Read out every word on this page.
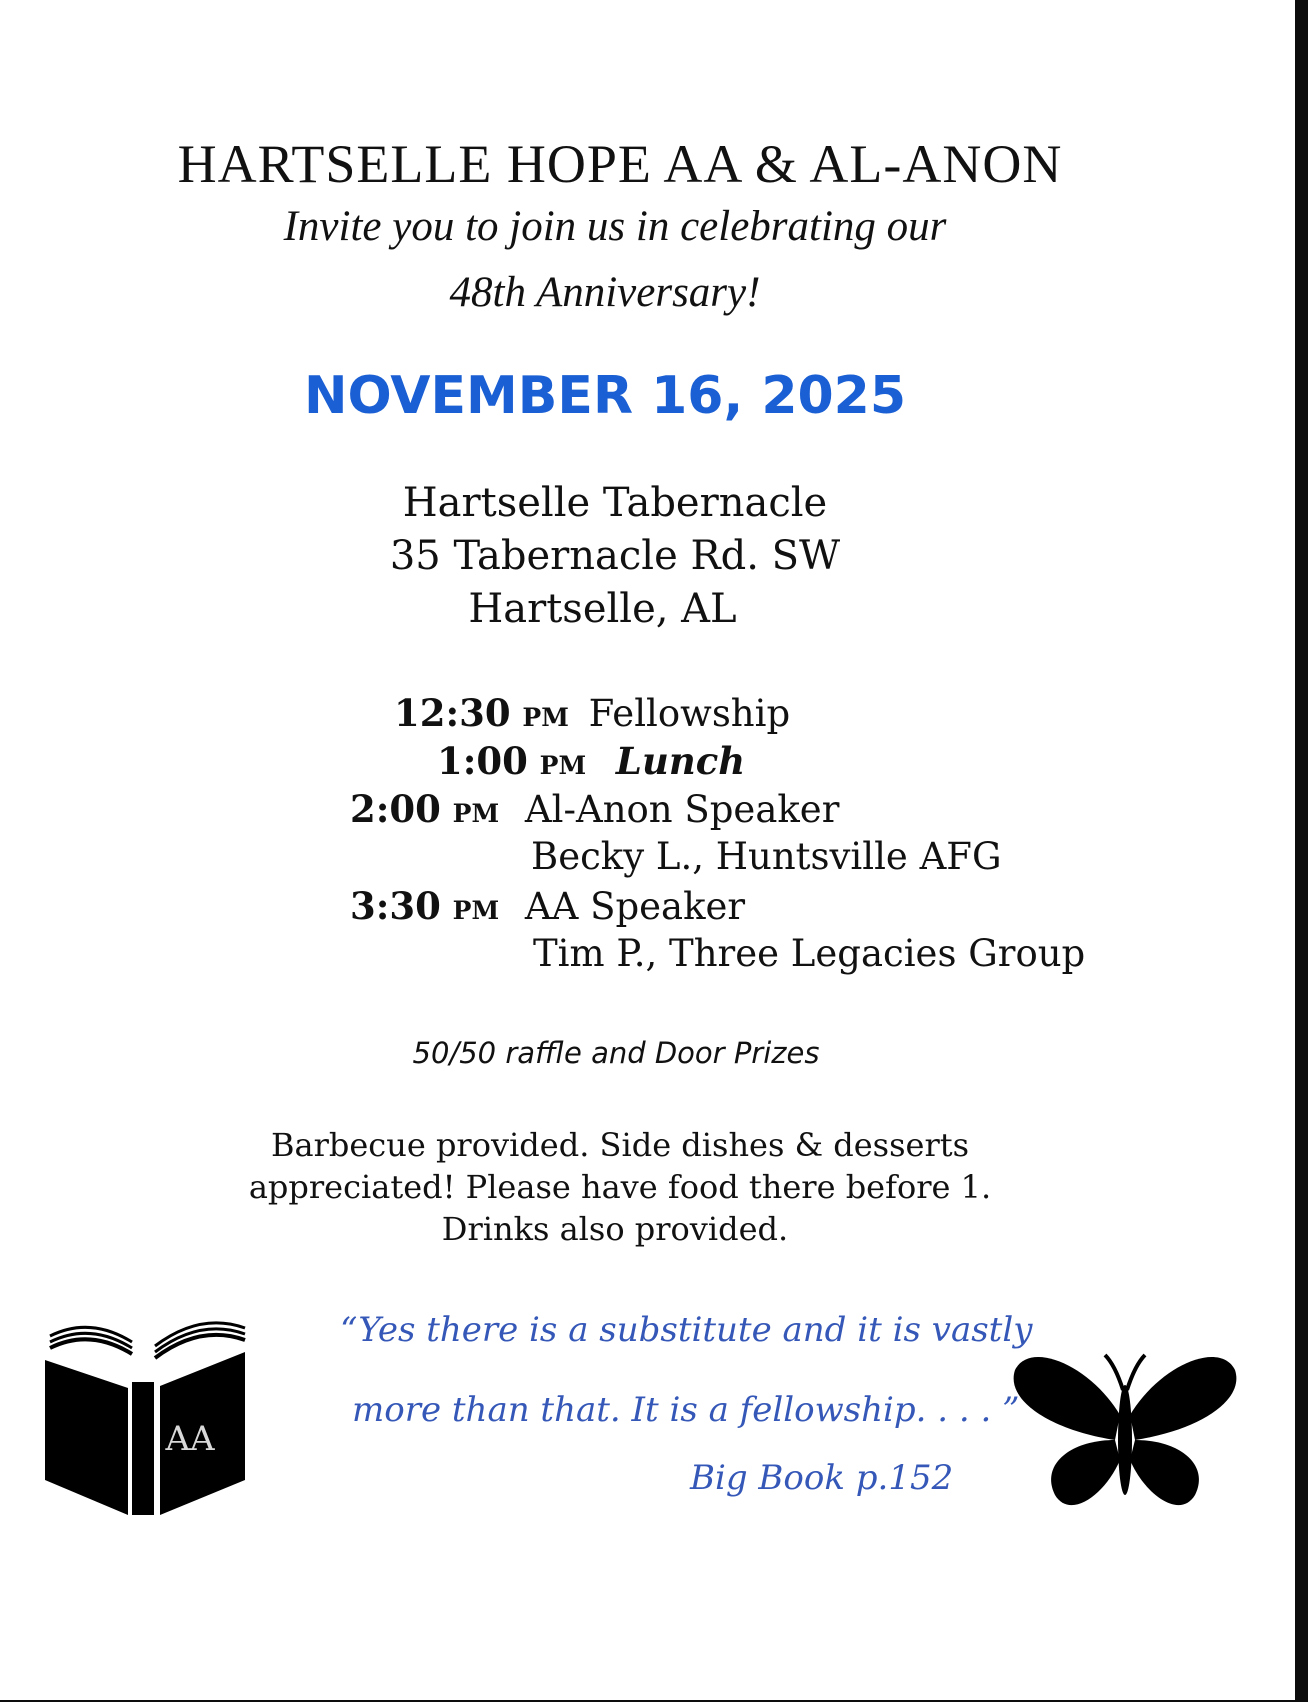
HARTSELLE HOPE AA & AL-ANON
Invite you to join us in celebrating our
48th Anniversary!
NOVEMBER 16, 2025
Hartselle Tabernacle
35 Tabernacle Rd. SW
Hartselle, AL
12:30 PM Fellowship
1:00 PM Lunch
2:00 PM Al-Anon Speaker
Becky L., Huntsville AFG
3:30 PM AA Speaker
Tim P., Three Legacies Group
50/50 raffle and Door Prizes
Barbecue provided. Side dishes & desserts
appreciated! Please have food there before 1.
Drinks also provided.
“Yes there is a substitute and it is vastly
more than that. It is a fellowship. . . . ”
Big Book p.152
AA
